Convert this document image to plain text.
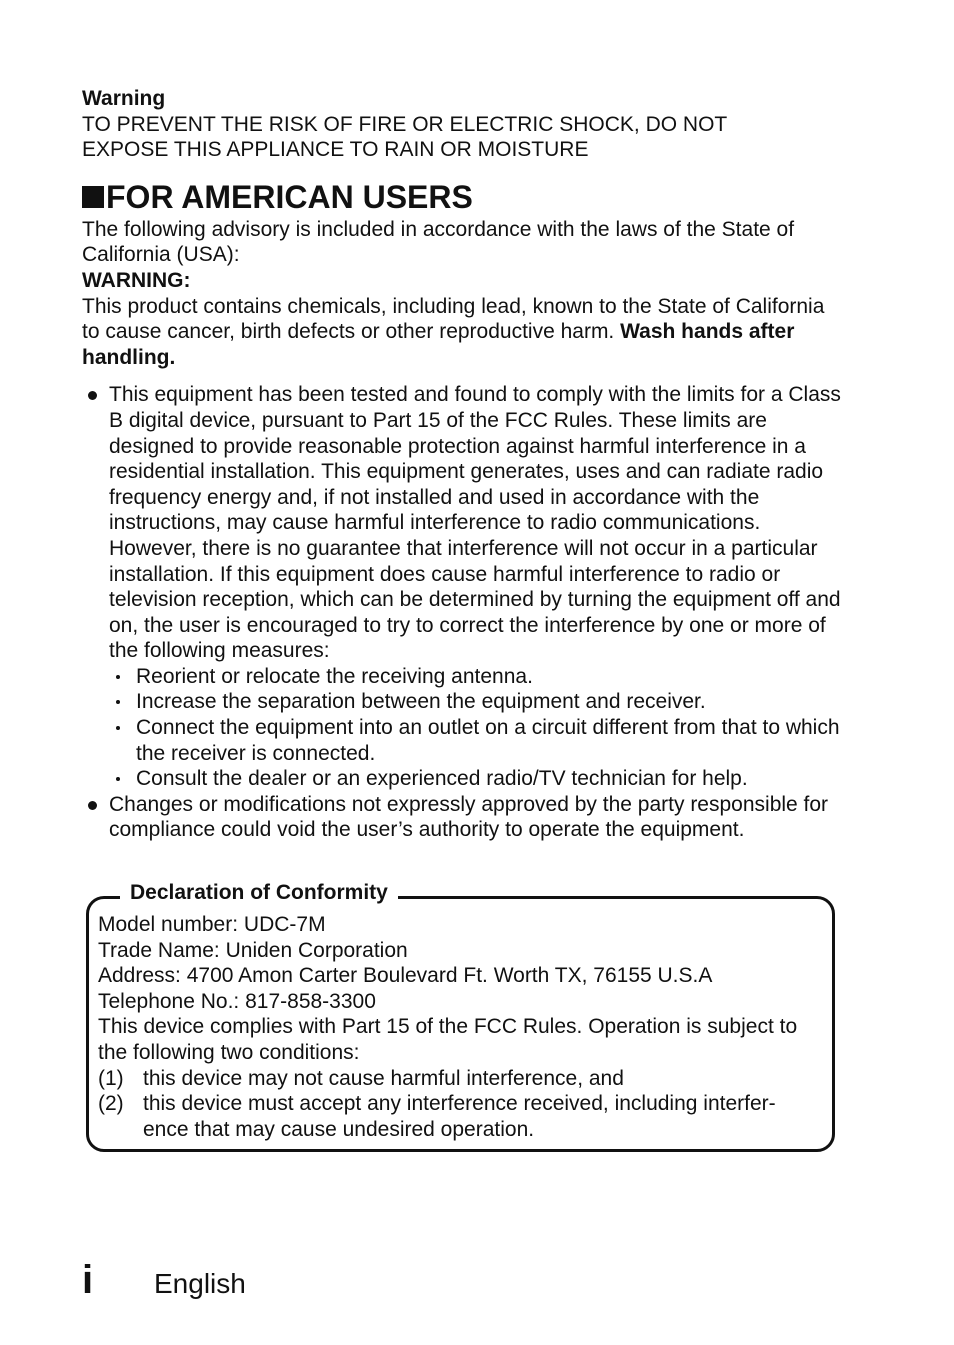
Warning

TO PREVENT THE RISK OF FIRE OR ELECTRIC SHOCK, DO NOT

EXPOSE THIS APPLIANCE TO RAIN OR MOISTURE

FOR AMERICAN USERS

The following advisory is included in accordance with the laws of the State of California (USA):

WARNING:

This product contains chemicals, including lead, known to the State of California to cause cancer, birth defects or other reproductive harm. Wash hands after handling.

This equipment has been tested and found to comply with the limits for a Class B digital device, pursuant to Part 15 of the FCC Rules. These limits are designed to provide reasonable protection against harmful interference in a residential installation. This equipment generates, uses and can radiate radio frequency energy and, if not installed and used in accordance with the instructions, may cause harmful interference to radio communications. However, there is no guarantee that interference will not occur in a particular installation. If this equipment does cause harmful interference to radio or television reception, which can be determined by turning the equipment off and on, the user is encouraged to try to correct the interference by one or more of the following measures:
Reorient or relocate the receiving antenna.
Increase the separation between the equipment and receiver.
Connect the equipment into an outlet on a circuit different from that to which the receiver is connected.
Consult the dealer or an experienced radio/TV technician for help.
Changes or modifications not expressly approved by the party responsible for compliance could void the user’s authority to operate the equipment.
Declaration of Conformity

Model number: UDC-7M

Trade Name: Uniden Corporation

Address: 4700 Amon Carter Boulevard Ft. Worth TX, 76155 U.S.A

Telephone No.: 817-858-3300

This device complies with Part 15 of the FCC Rules. Operation is subject to the following two conditions:

(1) this device may not cause harmful interference, and
(2) this device must accept any interference received, including interfer- ence that may cause undesired operation.
i English
